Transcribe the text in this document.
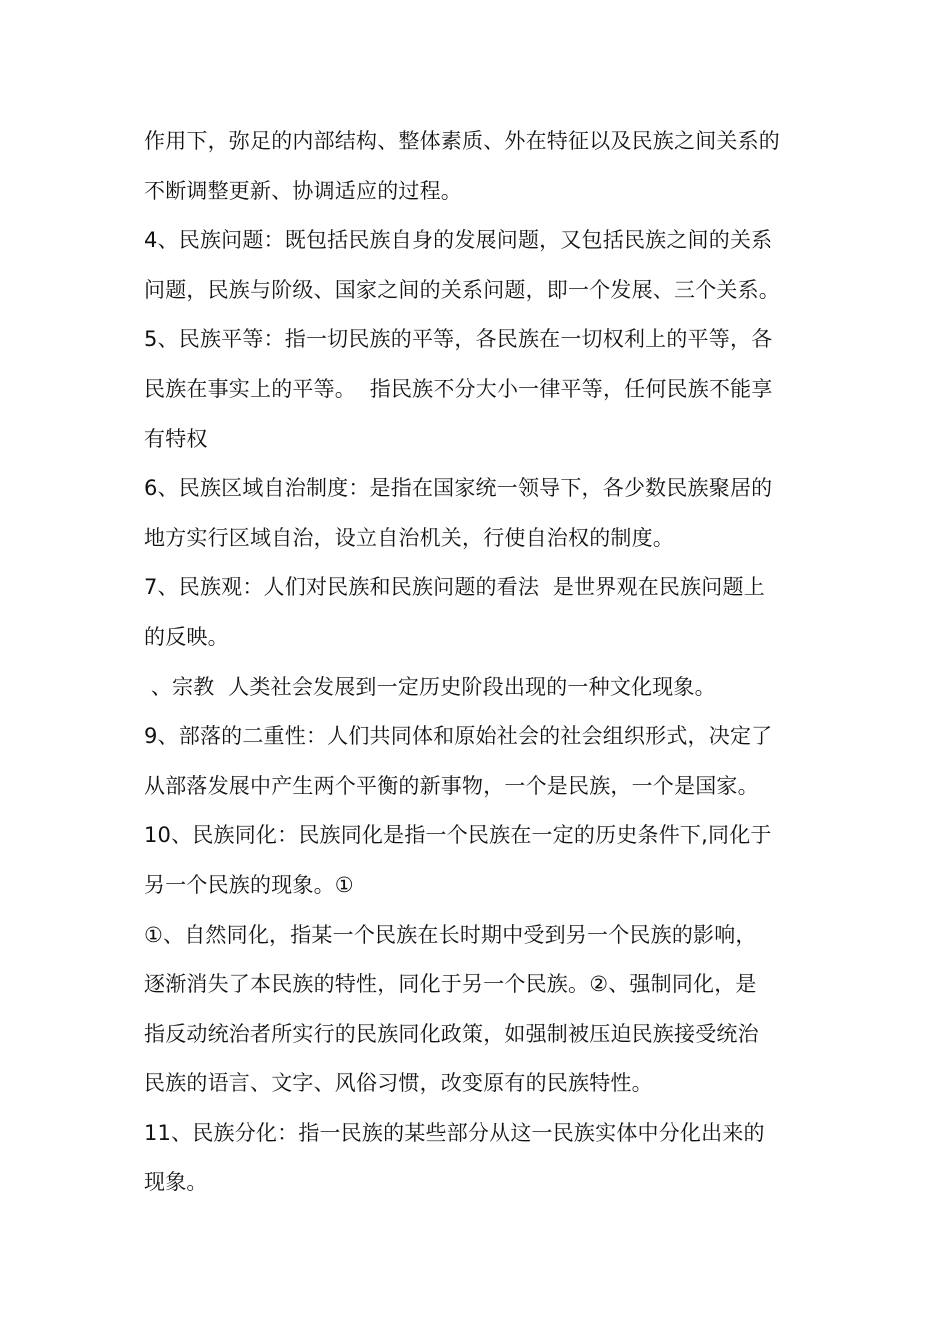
作用下，弥足的内部结构、整体素质、外在特征以及民族之间关系的
不断调整更新、协调适应的过程。
4、民族问题：既包括民族自身的发展问题，又包括民族之间的关系
问题，民族与阶级、国家之间的关系问题，即一个发展、三个关系。
5、民族平等：指一切民族的平等，各民族在一切权利上的平等，各
民族在事实上的平等。  指民族不分大小一律平等，任何民族不能享
有特权
6、民族区域自治制度：是指在国家统一领导下，各少数民族聚居的
地方实行区域自治，设立自治机关，行使自治权的制度。
7、民族观：人们对民族和民族问题的看法  是世界观在民族问题上
的反映。
、宗教  人类社会发展到一定历史阶段出现的一种文化现象。
9、部落的二重性：人们共同体和原始社会的社会组织形式，决定了
从部落发展中产生两个平衡的新事物，一个是民族，一个是国家。
10、民族同化：民族同化是指一个民族在一定的历史条件下,同化于
另一个民族的现象。①
①、自然同化，指某一个民族在长时期中受到另一个民族的影响，
逐渐消失了本民族的特性，同化于另一个民族。②、强制同化，是
指反动统治者所实行的民族同化政策，如强制被压迫民族接受统治
民族的语言、文字、风俗习惯，改变原有的民族特性。
11、民族分化：指一民族的某些部分从这一民族实体中分化出来的
现象。
